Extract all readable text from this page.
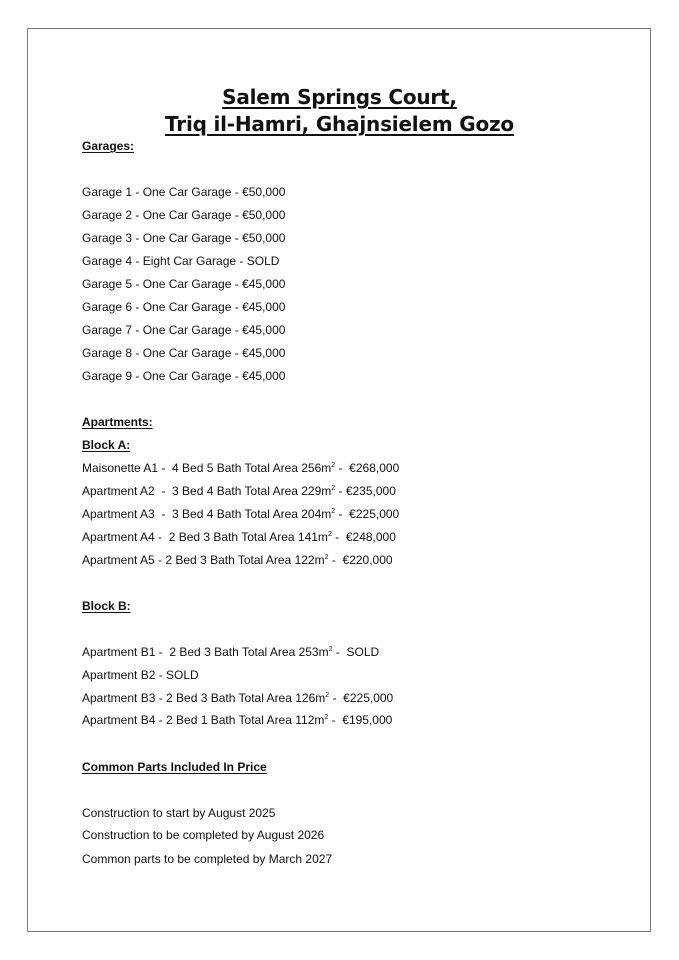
Salem Springs Court,
Triq il-Hamri, Ghajnsielem Gozo

Garages:

Garage 1 - One Car Garage - €50,000

Garage 2 - One Car Garage - €50,000

Garage 3 - One Car Garage - €50,000

Garage 4 - Eight Car Garage - SOLD

Garage 5 - One Car Garage - €45,000

Garage 6 - One Car Garage - €45,000

Garage 7 - One Car Garage - €45,000

Garage 8 - One Car Garage - €45,000

Garage 9 - One Car Garage - €45,000

Apartments:

Block A:

Maisonette A1 -  4 Bed 5 Bath Total Area $256m^2$ -  €268,000

Apartment A2  -  3 Bed 4 Bath Total Area $229m^2$ - €235,000

Apartment A3  -  3 Bed 4 Bath Total Area $204m^2$ -  €225,000

Apartment A4 -  2 Bed 3 Bath Total Area $141m^2$ -  €248,000

Apartment A5 - 2 Bed 3 Bath Total Area $122m^2$ -  €220,000

Block B:

Apartment B1 -  2 Bed 3 Bath Total Area $253m^2$ -  SOLD

Apartment B2 - SOLD

Apartment B3 - 2 Bed 3 Bath Total Area $126m^2$ -  €225,000

Apartment B4 - 2 Bed 1 Bath Total Area $112m^2$ -  €195,000

Common Parts Included In Price

Construction to start by August 2025

Construction to be completed by August 2026

Common parts to be completed by March 2027
